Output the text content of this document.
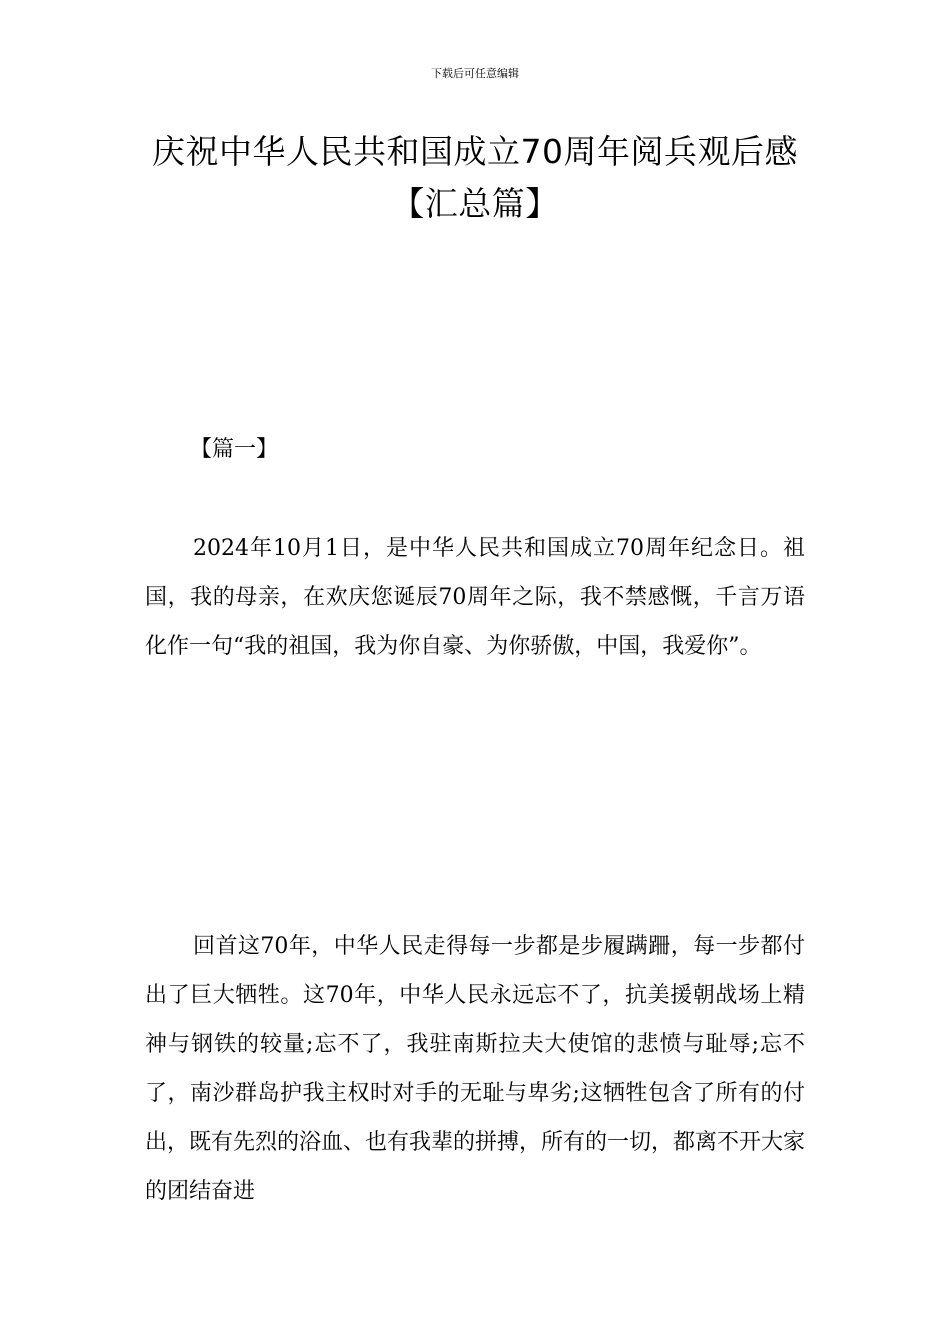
下载后可任意编辑
庆祝中华人民共和国成立70周年阅兵观后感【汇总篇】
【篇一】

2024年10月1日，是中华人民共和国成立70周年纪念日。祖国，我的母亲，在欢庆您诞辰70周年之际，我不禁感慨，千言万语化作一句“我的祖国，我为你自豪、为你骄傲，中国，我爱你”。

回首这70年，中华人民走得每一步都是步履蹒跚，每一步都付出了巨大牺牲。这70年，中华人民永远忘不了，抗美援朝战场上精神与钢铁的较量;忘不了，我驻南斯拉夫大使馆的悲愤与耻辱;忘不了，南沙群岛护我主权时对手的无耻与卑劣;这牺牲包含了所有的付出，既有先烈的浴血、也有我辈的拼搏，所有的一切，都离不开大家的团结奋进
